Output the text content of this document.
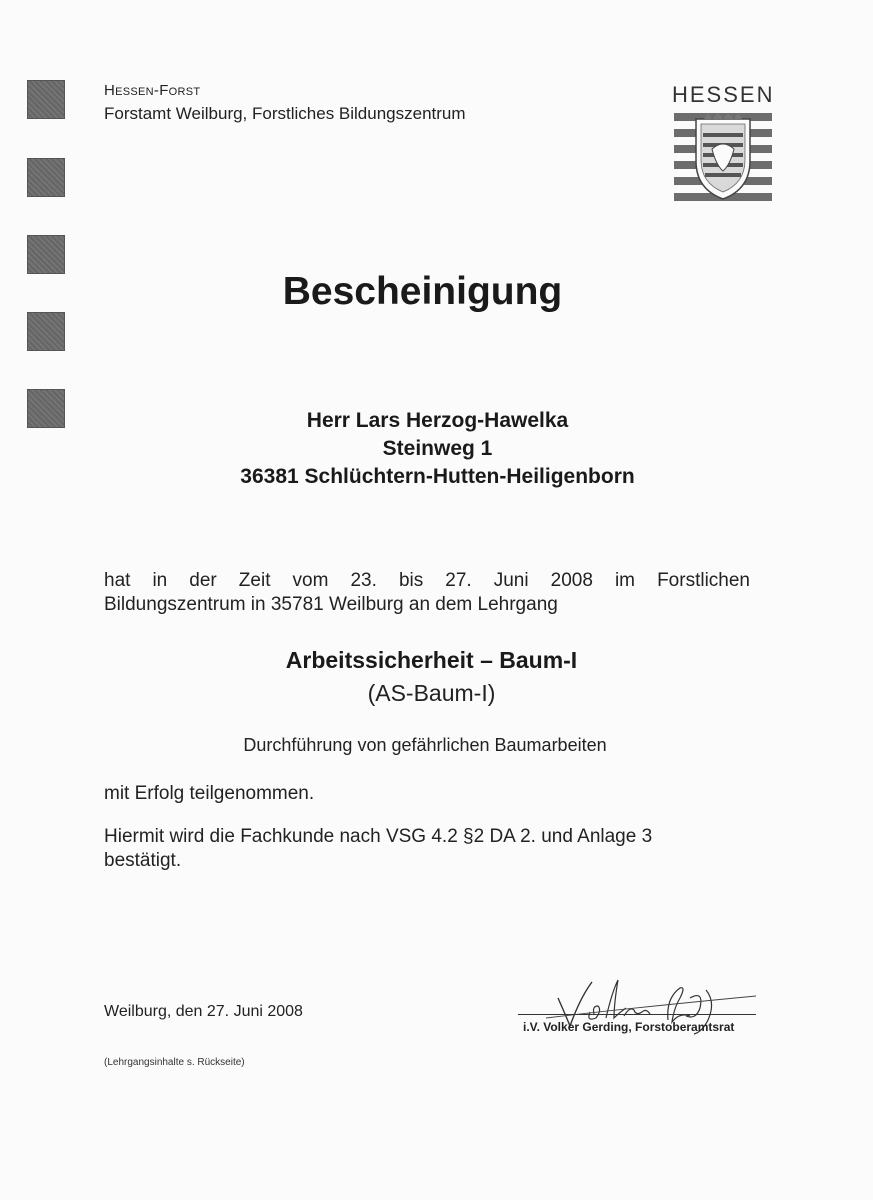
Hessen-Forst
Forstamt Weilburg, Forstliches Bildungszentrum
HESSEN
Bescheinigung
Herr Lars Herzog-Hawelka
Steinweg 1
36381 Schlüchtern-Hutten-Heiligenborn
hat in der Zeit vom 23. bis 27. Juni 2008 im Forstlichen
Bildungszentrum in 35781 Weilburg an dem Lehrgang
Arbeitssicherheit – Baum-I
(AS-Baum-I)
Durchführung von gefährlichen Baumarbeiten
mit Erfolg teilgenommen.
Hiermit wird die Fachkunde nach VSG 4.2 §2 DA 2. und Anlage 3
bestätigt.
Weilburg, den 27. Juni 2008
i.V. Volker Gerding, Forstoberamtsrat
(Lehrgangsinhalte s. Rückseite)
